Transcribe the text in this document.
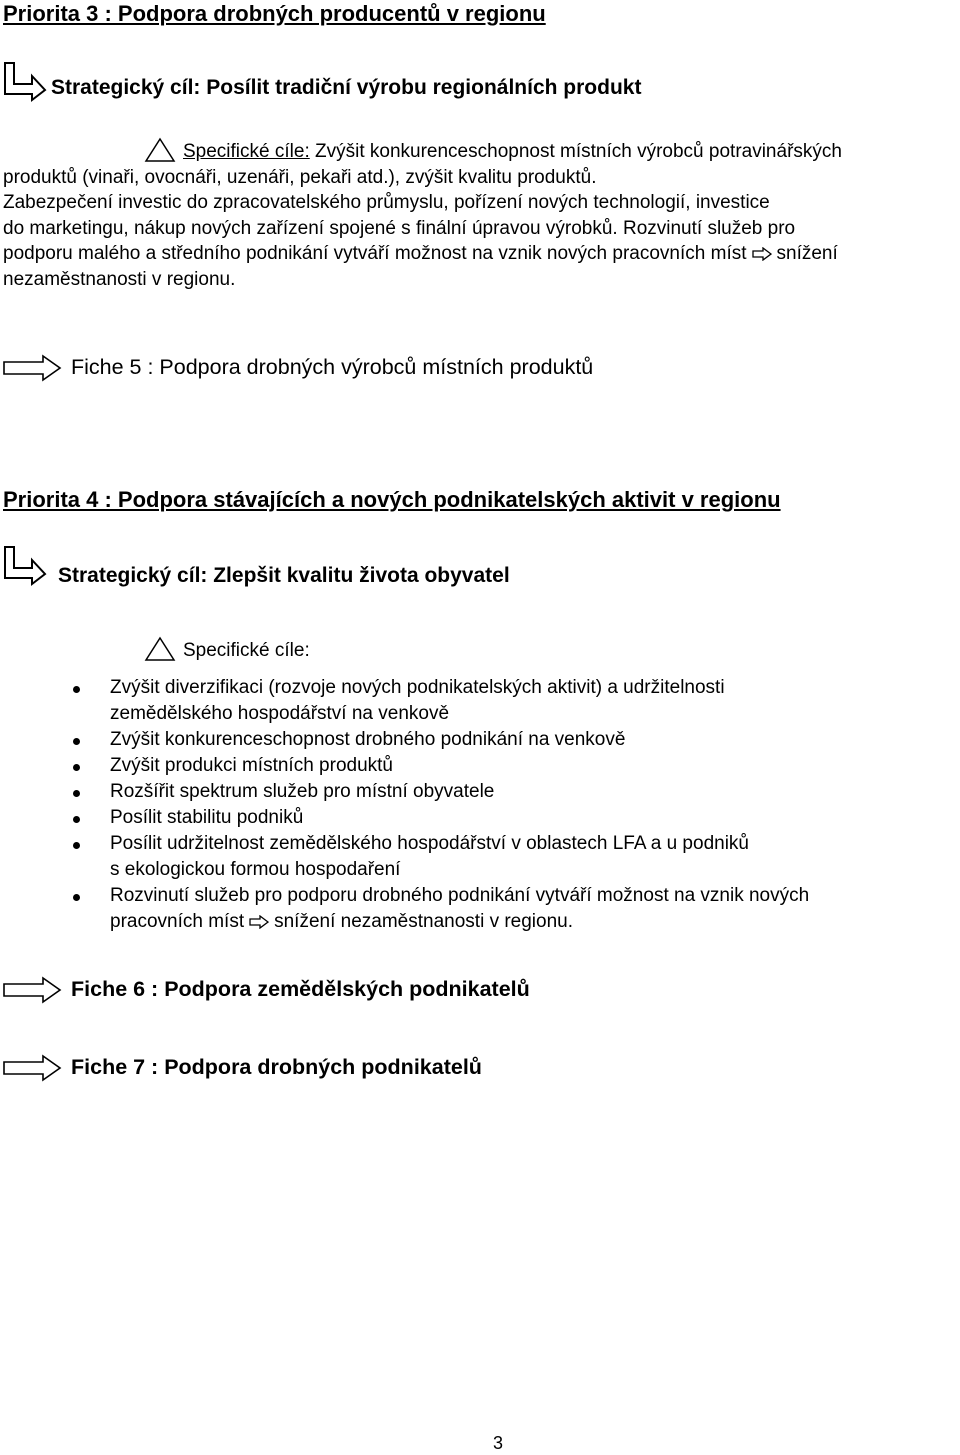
Priorita 3 : Podpora drobných producentů v regionu
Strategický cíl: Posílit tradiční výrobu regionálních produkt
Specifické cíle: Zvýšit konkurenceschopnost místních výrobců potravinářských
produktů (vinaři, ovocnáři, uzenáři, pekaři atd.), zvýšit kvalitu produktů.
Zabezpečení investic do zpracovatelského průmyslu, pořízení nových technologií, investice
do marketingu, nákup nových zařízení spojené s finální úpravou výrobků. Rozvinutí služeb pro
podporu malého a středního podnikání vytváří možnost na vznik nových pracovních míst snížení
nezaměstnanosti v regionu.
Fiche 5 : Podpora drobných výrobců místních produktů
Priorita 4 : Podpora stávajících a nových podnikatelských aktivit v regionu
Strategický cíl: Zlepšit kvalitu života obyvatel
Specifické cíle:
Zvýšit diverzifikaci (rozvoje nových podnikatelských aktivit) a udržitelnosti
zemědělského hospodářství na venkově
Zvýšit konkurenceschopnost drobného podnikání na venkově
Zvýšit produkci místních produktů
Rozšířit spektrum služeb pro místní obyvatele
Posílit stabilitu podniků
Posílit udržitelnost zemědělského hospodářství v oblastech LFA a u podniků
s ekologickou formou hospodaření
Rozvinutí služeb pro podporu drobného podnikání vytváří možnost na vznik nových
pracovních míst snížení nezaměstnanosti v regionu.
Fiche 6 : Podpora zemědělských podnikatelů
Fiche 7 : Podpora drobných podnikatelů
3
